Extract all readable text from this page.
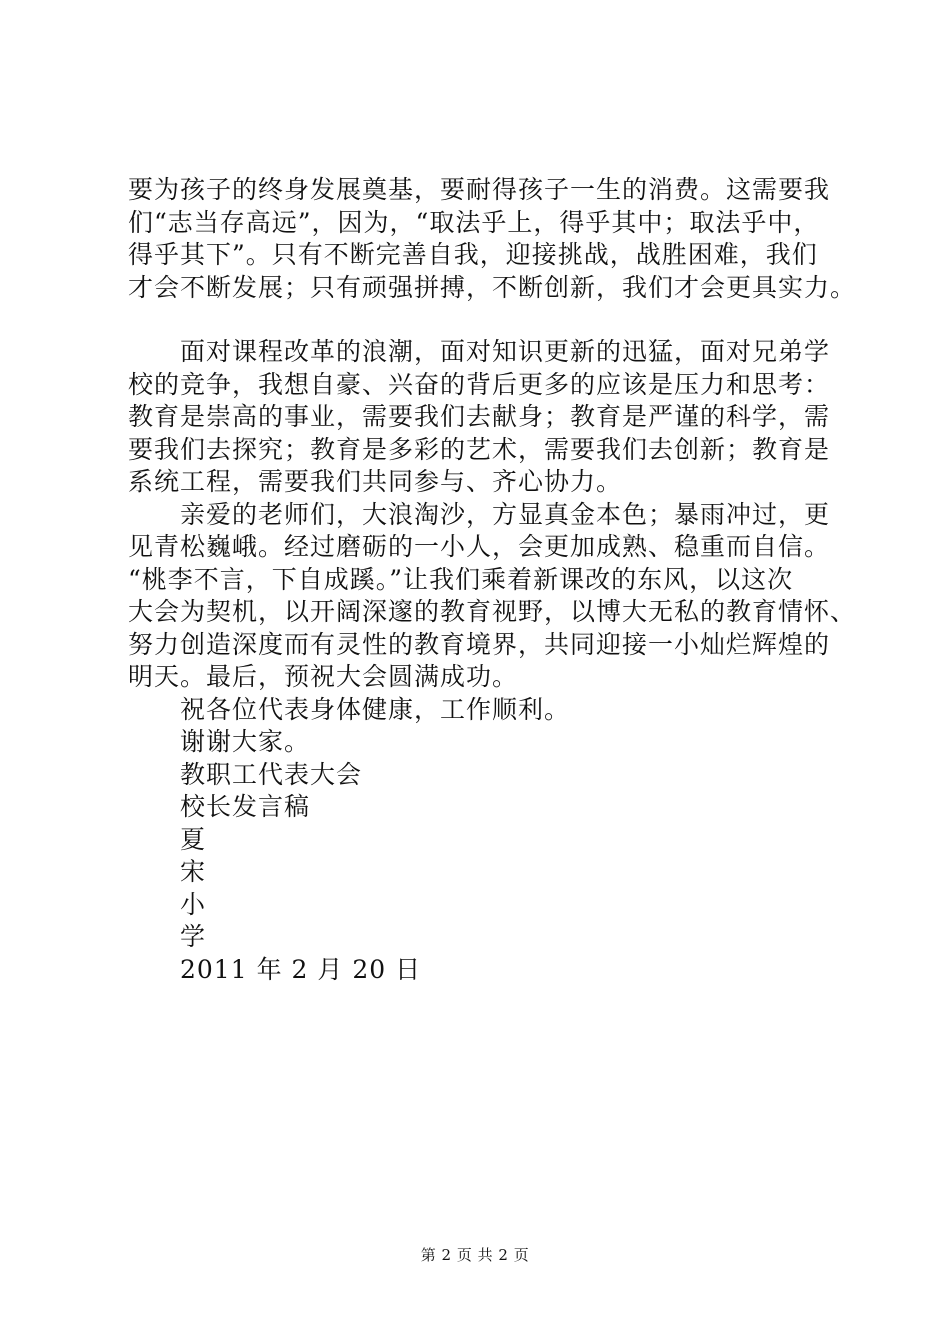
要为孩子的终身发展奠基，要耐得孩子一生的消费。这需要我
们“志当存高远”，因为，“取法乎上，得乎其中；取法乎中，
得乎其下”。只有不断完善自我，迎接挑战，战胜困难，我们
才会不断发展；只有顽强拼搏，不断创新，我们才会更具实力。
面对课程改革的浪潮，面对知识更新的迅猛，面对兄弟学
校的竞争，我想自豪、兴奋的背后更多的应该是压力和思考：
教育是崇高的事业，需要我们去献身；教育是严谨的科学，需
要我们去探究；教育是多彩的艺术，需要我们去创新；教育是
系统工程，需要我们共同参与、齐心协力。
亲爱的老师们，大浪淘沙，方显真金本色；暴雨冲过，更
见青松巍峨。经过磨砺的一小人，会更加成熟、稳重而自信。
“桃李不言，下自成蹊。”让我们乘着新课改的东风，以这次
大会为契机，以开阔深邃的教育视野，以博大无私的教育情怀、
努力创造深度而有灵性的教育境界，共同迎接一小灿烂辉煌的
明天。最后，预祝大会圆满成功。
祝各位代表身体健康，工作顺利。
谢谢大家。
教职工代表大会
校长发言稿
夏
宋
小
学
2011 年 2 月 20 日
第 2 页 共 2 页
